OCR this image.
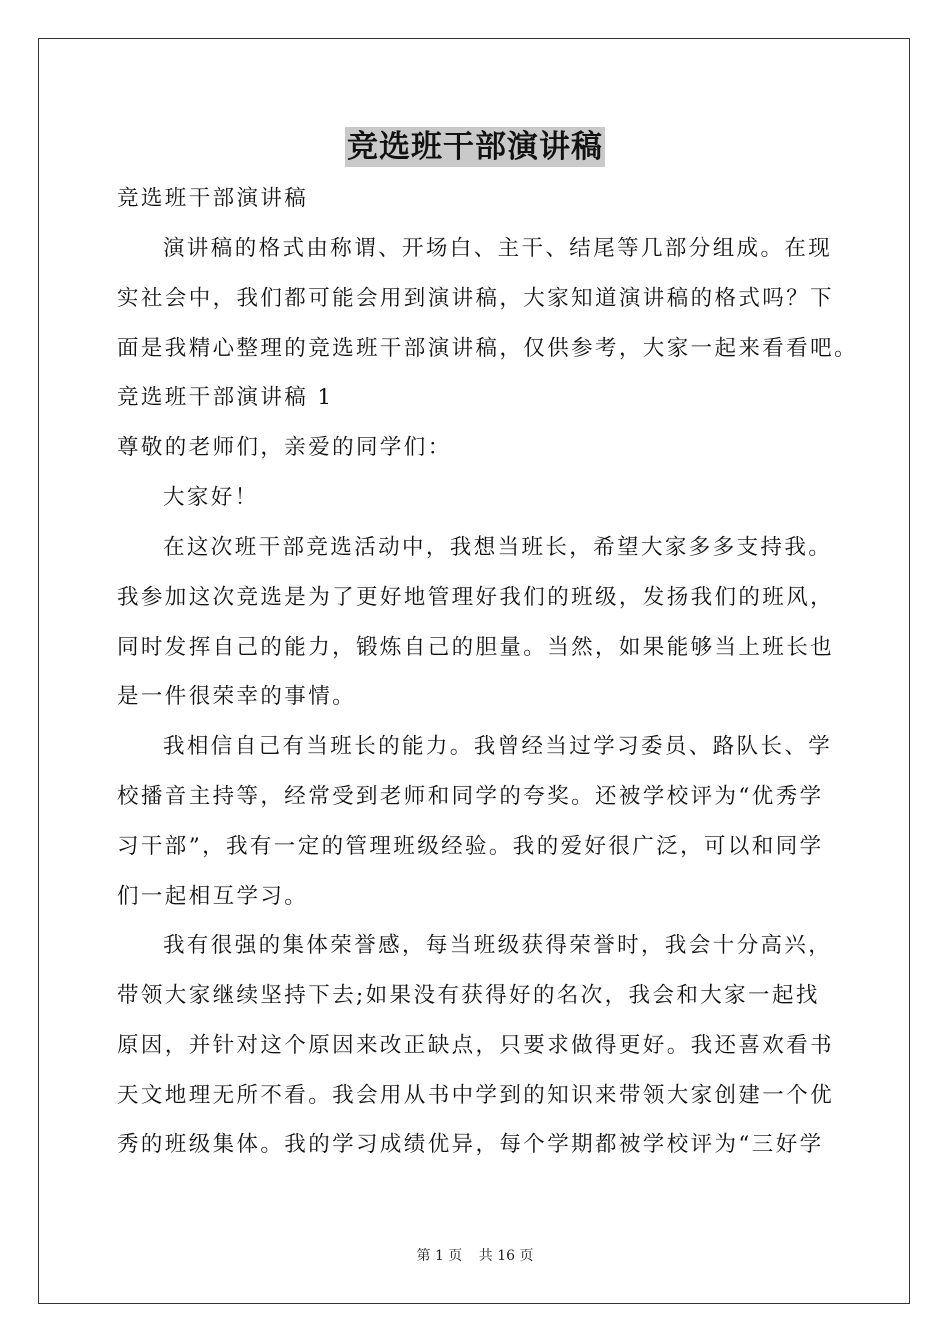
竞选班干部演讲稿
竞选班干部演讲稿
演讲稿的格式由称谓、开场白、主干、结尾等几部分组成。在现
实社会中，我们都可能会用到演讲稿，大家知道演讲稿的格式吗？下
面是我精心整理的竞选班干部演讲稿，仅供参考，大家一起来看看吧。
竞选班干部演讲稿 1
尊敬的老师们，亲爱的同学们：
大家好！
在这次班干部竞选活动中，我想当班长，希望大家多多支持我。
我参加这次竞选是为了更好地管理好我们的班级，发扬我们的班风，
同时发挥自己的能力，锻炼自己的胆量。当然，如果能够当上班长也
是一件很荣幸的事情。
我相信自己有当班长的能力。我曾经当过学习委员、路队长、学
校播音主持等，经常受到老师和同学的夸奖。还被学校评为“优秀学
习干部”，我有一定的管理班级经验。我的爱好很广泛，可以和同学
们一起相互学习。
我有很强的集体荣誉感，每当班级获得荣誉时，我会十分高兴，
带领大家继续坚持下去;如果没有获得好的名次，我会和大家一起找
原因，并针对这个原因来改正缺点，只要求做得更好。我还喜欢看书
天文地理无所不看。我会用从书中学到的知识来带领大家创建一个优
秀的班级集体。我的学习成绩优异，每个学期都被学校评为“三好学
第 1 页 共 16 页
